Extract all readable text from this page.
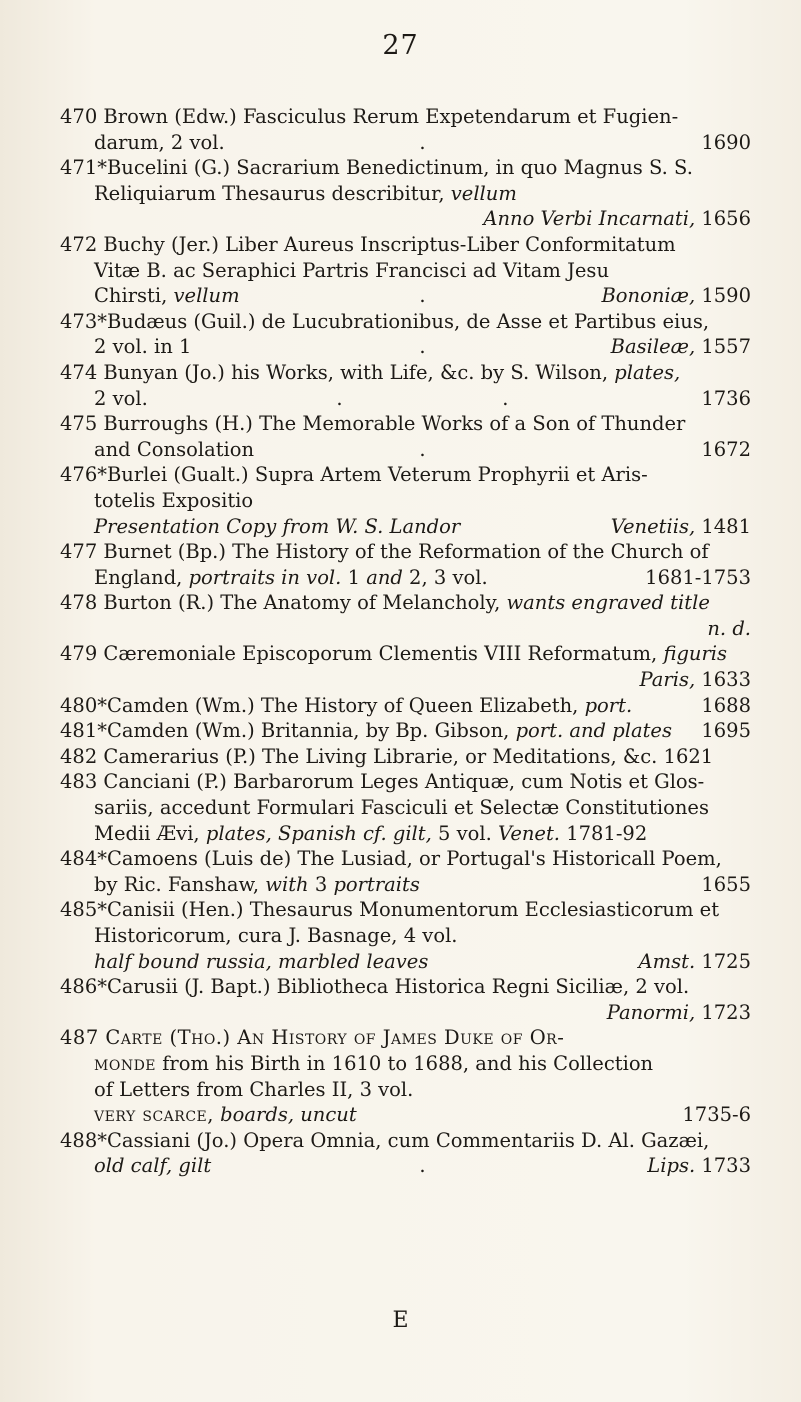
27
470 Brown (Edw.) Fasciculus Rerum Expetendarum et Fugien-
darum, 2 vol.	.	1690
471*Bucelini (G.) Sacrarium Benedictinum, in quo Magnus S. S.
Reliquiarum Thesaurus describitur, vellum
Anno Verbi Incarnati, 1656
472 Buchy (Jer.) Liber Aureus Inscriptus-Liber Conformitatum
Vitæ B. ac Seraphici Partris Francisci ad Vitam Jesu
Chirsti, vellum	.	Bononiæ, 1590
473*Budæus (Guil.) de Lucubrationibus, de Asse et Partibus eius,
2 vol. in 1	.	Basileæ, 1557
474 Bunyan (Jo.) his Works, with Life, &c. by S. Wilson, plates,
2 vol.	.	.	1736
475 Burroughs (H.) The Memorable Works of a Son of Thunder
and Consolation	.	1672
476*Burlei (Gualt.) Supra Artem Veterum Prophyrii et Aris-
totelis Expositio
Presentation Copy from W. S. Landor	Venetiis, 1481
477 Burnet (Bp.) The History of the Reformation of the Church of
England, portraits in vol. 1 and 2, 3 vol.	1681-1753
478 Burton (R.) The Anatomy of Melancholy, wants engraved title
n. d.
479 Cæremoniale Episcoporum Clementis VIII Reformatum, figuris
Paris, 1633
480*Camden (Wm.) The History of Queen Elizabeth, port.	1688
481*Camden (Wm.) Britannia, by Bp. Gibson, port. and plates 1695
482 Camerarius (P.) The Living Librarie, or Meditations, &c. 1621
483 Canciani (P.) Barbarorum Leges Antiquæ, cum Notis et Glos-
sariis, accedunt Formulari Fasciculi et Selectæ Constitutiones
Medii Ævi, plates, Spanish cf. gilt, 5 vol. Venet. 1781-92
484*Camoens (Luis de) The Lusiad, or Portugal's Historicall Poem,
by Ric. Fanshaw, with 3 portraits	1655
485*Canisii (Hen.) Thesaurus Monumentorum Ecclesiasticorum et
Historicorum, cura J. Basnage, 4 vol.
half bound russia, marbled leaves	Amst. 1725
486*Carusii (J. Bapt.) Bibliotheca Historica Regni Siciliæ, 2 vol.
Panormi, 1723
487 Carte (Tho.) An History of James Duke of Or-
monde from his Birth in 1610 to 1688, and his Collection
of Letters from Charles II, 3 vol.
very scarce, boards, uncut	1735-6
488*Cassiani (Jo.) Opera Omnia, cum Commentariis D. Al. Gazæi,
old calf, gilt	.	Lips. 1733
E
